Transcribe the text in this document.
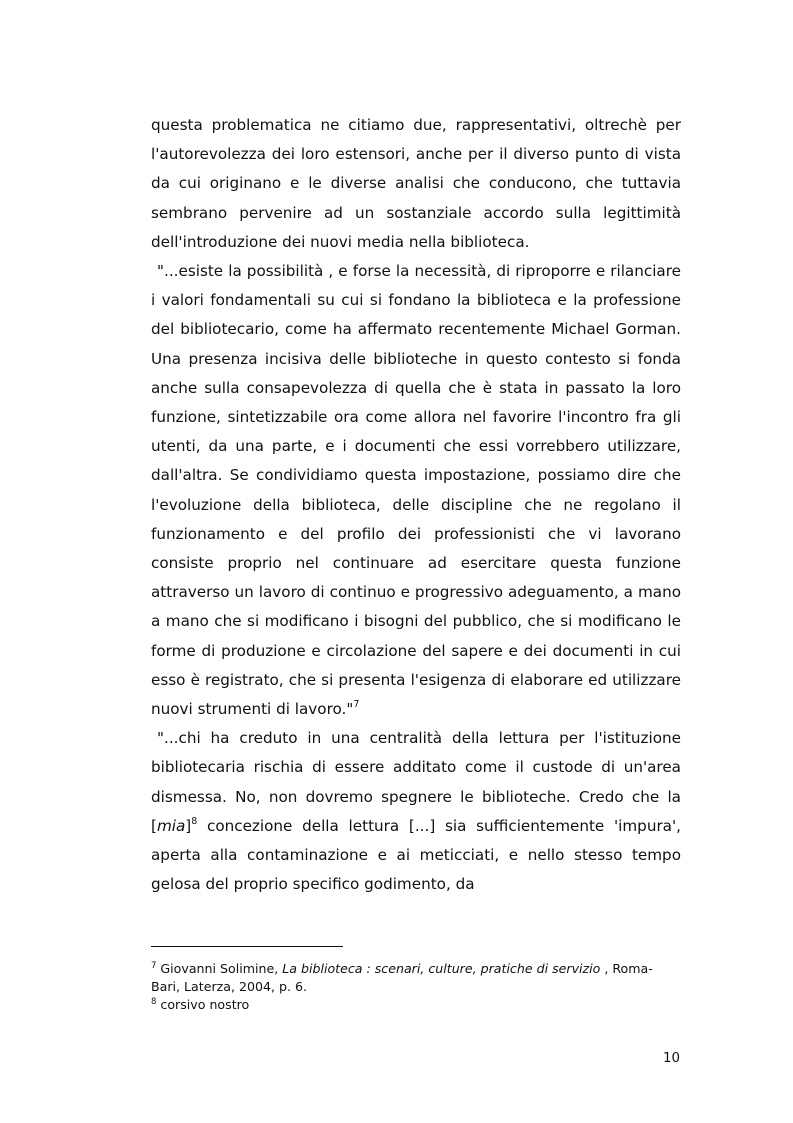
questa problematica ne citiamo due, rappresentativi, oltrechè per l'autorevolezza dei loro estensori, anche per il diverso punto di vista da cui originano e le diverse analisi che conducono, che tuttavia sembrano pervenire ad un sostanziale accordo sulla legittimità dell'introduzione dei nuovi media nella biblioteca.

"...esiste la possibilità , e forse la necessità, di riproporre e rilanciare i valori fondamentali su cui si fondano la biblioteca e la professione del bibliotecario, come ha affermato recentemente Michael Gorman. Una presenza incisiva delle biblioteche in questo contesto si fonda anche sulla consapevolezza di quella che è stata in passato la loro funzione, sintetizzabile ora come allora nel favorire l'incontro fra gli utenti, da una parte, e i documenti che essi vorrebbero utilizzare, dall'altra. Se condividiamo questa impostazione, possiamo dire che l'evoluzione della biblioteca, delle discipline che ne regolano il funzionamento e del profilo dei professionisti che vi lavorano consiste proprio nel continuare ad esercitare questa funzione attraverso un lavoro di continuo e progressivo adeguamento, a mano a mano che si modificano i bisogni del pubblico, che si modificano le forme di produzione e circolazione del sapere e dei documenti in cui esso è registrato, che si presenta l'esigenza di elaborare ed utilizzare nuovi strumenti di lavoro."$^7$

"...chi ha creduto in una centralità della lettura per l'istituzione bibliotecaria rischia di essere additato come il custode di un'area dismessa. No, non dovremo spegnere le biblioteche. Credo che la [mia]$^8$ concezione della lettura [...] sia sufficientemente 'impura', aperta alla contaminazione e ai meticciati, e nello stesso tempo gelosa del proprio specifico godimento, da

$^7$ Giovanni Solimine, La biblioteca : scenari, culture, pratiche di servizio , Roma-Bari, Laterza, 2004, p. 6.

$^8$ corsivo nostro

10
